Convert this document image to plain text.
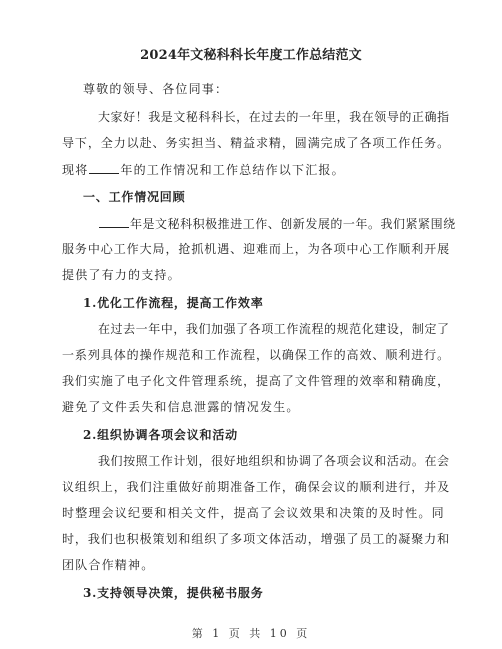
2024年文秘科科长年度工作总结范文
尊敬的领导、各位同事：
大家好！我是文秘科科长，在过去的一年里，我在领导的正确指
导下，全力以赴、务实担当、精益求精，圆满完成了各项工作任务。
现将	年的工作情况和工作总结作以下汇报。
一、工作情况回顾
年是文秘科积极推进工作、创新发展的一年。我们紧紧围绕
服务中心工作大局，抢抓机遇、迎难而上，为各项中心工作顺利开展
提供了有力的支持。
1.优化工作流程，提高工作效率
在过去一年中，我们加强了各项工作流程的规范化建设，制定了
一系列具体的操作规范和工作流程，以确保工作的高效、顺利进行。
我们实施了电子化文件管理系统，提高了文件管理的效率和精确度，
避免了文件丢失和信息泄露的情况发生。
2.组织协调各项会议和活动
我们按照工作计划，很好地组织和协调了各项会议和活动。在会
议组织上，我们注重做好前期准备工作，确保会议的顺利进行，并及
时整理会议纪要和相关文件，提高了会议效果和决策的及时性。同
时，我们也积极策划和组织了多项文体活动，增强了员工的凝聚力和
团队合作精神。
3.支持领导决策，提供秘书服务
第 1 页 共 10 页
